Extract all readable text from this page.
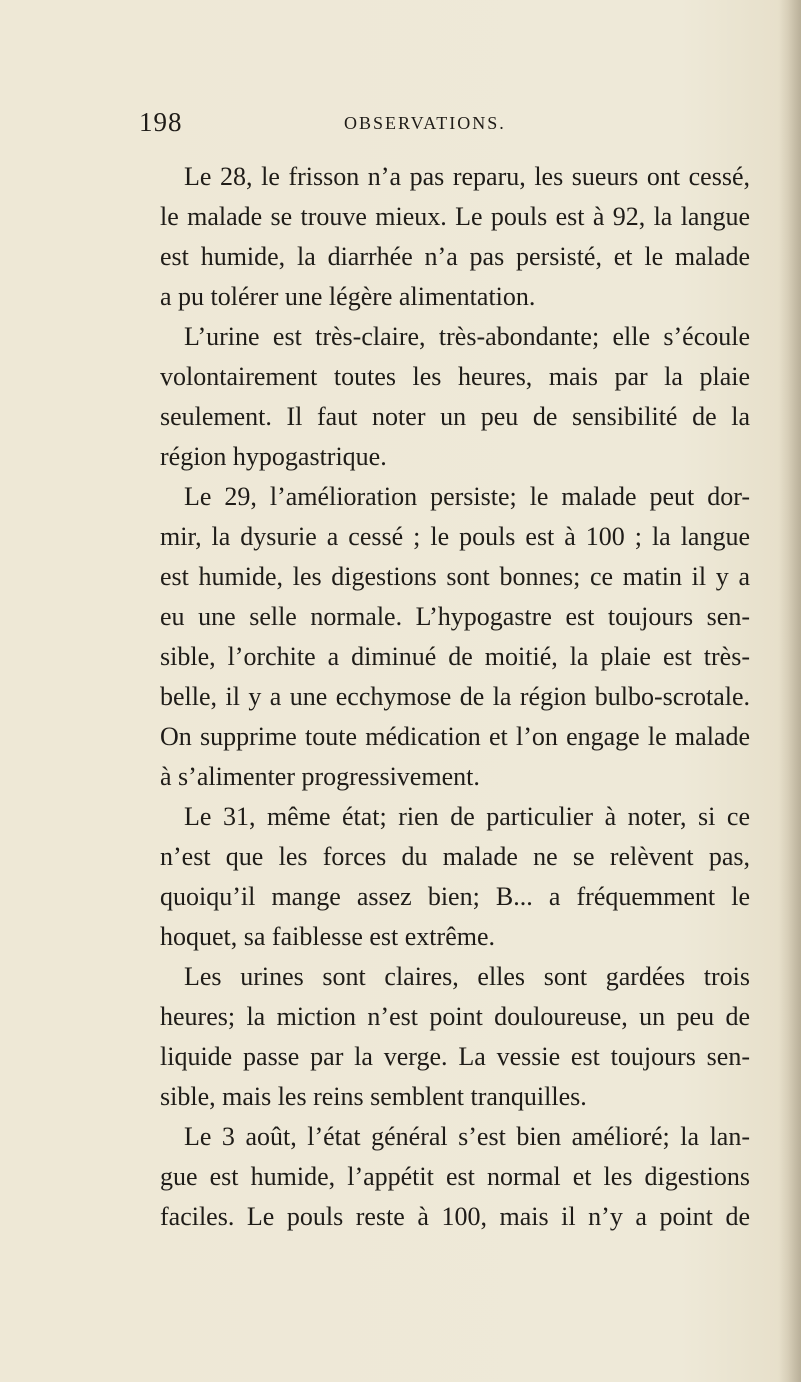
198	OBSERVATIONS.
Le 28, le frisson n’a pas reparu, les sueurs ont cessé,
le malade se trouve mieux. Le pouls est à 92, la langue
est humide, la diarrhée n’a pas persisté, et le malade
a pu tolérer une légère alimentation.
L’urine est très-claire, très-abondante; elle s’écoule
volontairement toutes les heures, mais par la plaie
seulement. Il faut noter un peu de sensibilité de la
région hypogastrique.
Le 29, l’amélioration persiste; le malade peut dor-
mir, la dysurie a cessé ; le pouls est à 100 ; la langue
est humide, les digestions sont bonnes; ce matin il y a
eu une selle normale. L’hypogastre est toujours sen-
sible, l’orchite a diminué de moitié, la plaie est très-
belle, il y a une ecchymose de la région bulbo-scrotale.
On supprime toute médication et l’on engage le malade
à s’alimenter progressivement.
Le 31, même état; rien de particulier à noter, si ce
n’est que les forces du malade ne se relèvent pas,
quoiqu’il mange assez bien; B... a fréquemment le
hoquet, sa faiblesse est extrême.
Les urines sont claires, elles sont gardées trois
heures; la miction n’est point douloureuse, un peu de
liquide passe par la verge. La vessie est toujours sen-
sible, mais les reins semblent tranquilles.
Le 3 août, l’état général s’est bien amélioré; la lan-
gue est humide, l’appétit est normal et les digestions
faciles. Le pouls reste à 100, mais il n’y a point de
